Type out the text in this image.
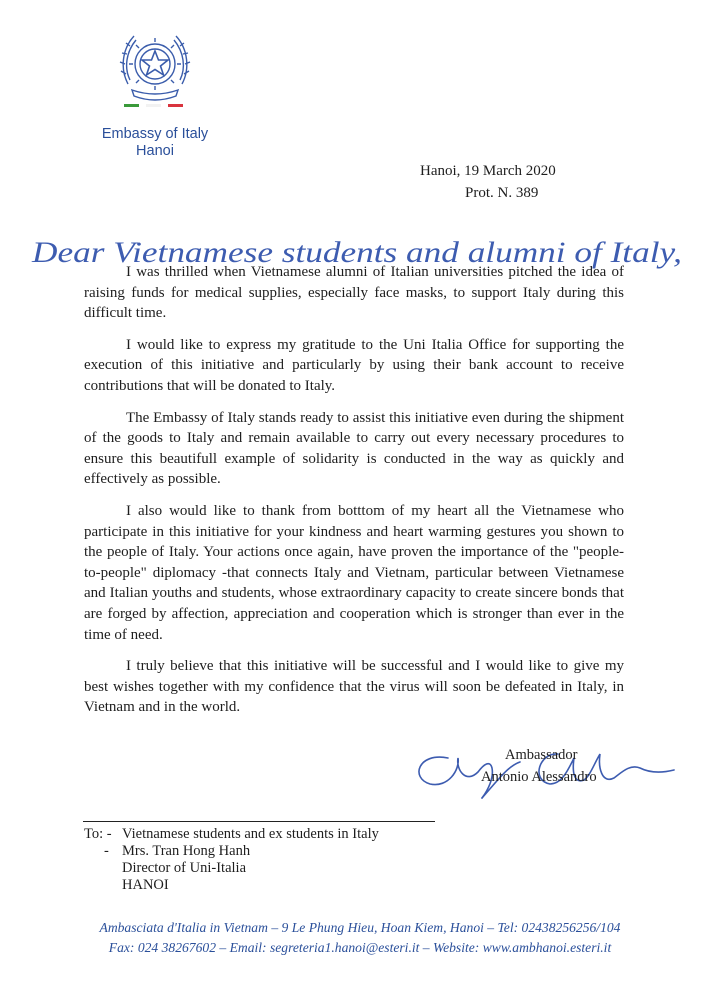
Embassy of Italy
Hanoi
Hanoi, 19 March 2020
Prot. N. 389
Dear Vietnamese students and alumni of Italy,

I was thrilled when Vietnamese alumni of Italian universities pitched the idea of raising funds for medical supplies, especially face masks, to support Italy during this difficult time.

I would like to express my gratitude to the Uni Italia Office for supporting the execution of this initiative and particularly by using their bank account to receive contributions that will be donated to Italy.

The Embassy of Italy stands ready to assist this initiative even during the shipment of the goods to Italy and remain available to carry out every necessary procedures to ensure this beautifull example of solidarity is conducted in the way as quickly and effectively as possible.

I also would like to thank from botttom of my heart all the Vietnamese who participate in this initiative for your kindness and heart warming gestures you shown to the people of Italy. Your actions once again, have proven the importance of the "people-to-people" diplomacy -that connects Italy and Vietnam, particular between Vietnamese and Italian youths and students, whose extraordinary capacity to create sincere bonds that are forged by affection, appreciation and cooperation which is stronger than ever in the time of need.

I truly believe that this initiative will be successful and I would like to give my best wishes together with my confidence that the virus will soon be defeated in Italy, in Vietnam and in the world.

Ambassador
Antonio Alessandro
To: - Vietnamese students and ex students in Italy
- Mrs. Tran Hong Hanh
Director of Uni-Italia
HANOI
Ambasciata d'Italia in Vietnam – 9 Le Phung Hieu, Hoan Kiem, Hanoi – Tel: 02438256256/104
Fax: 024 38267602 – Email: segreteria1.hanoi@esteri.it – Website: www.ambhanoi.esteri.it
